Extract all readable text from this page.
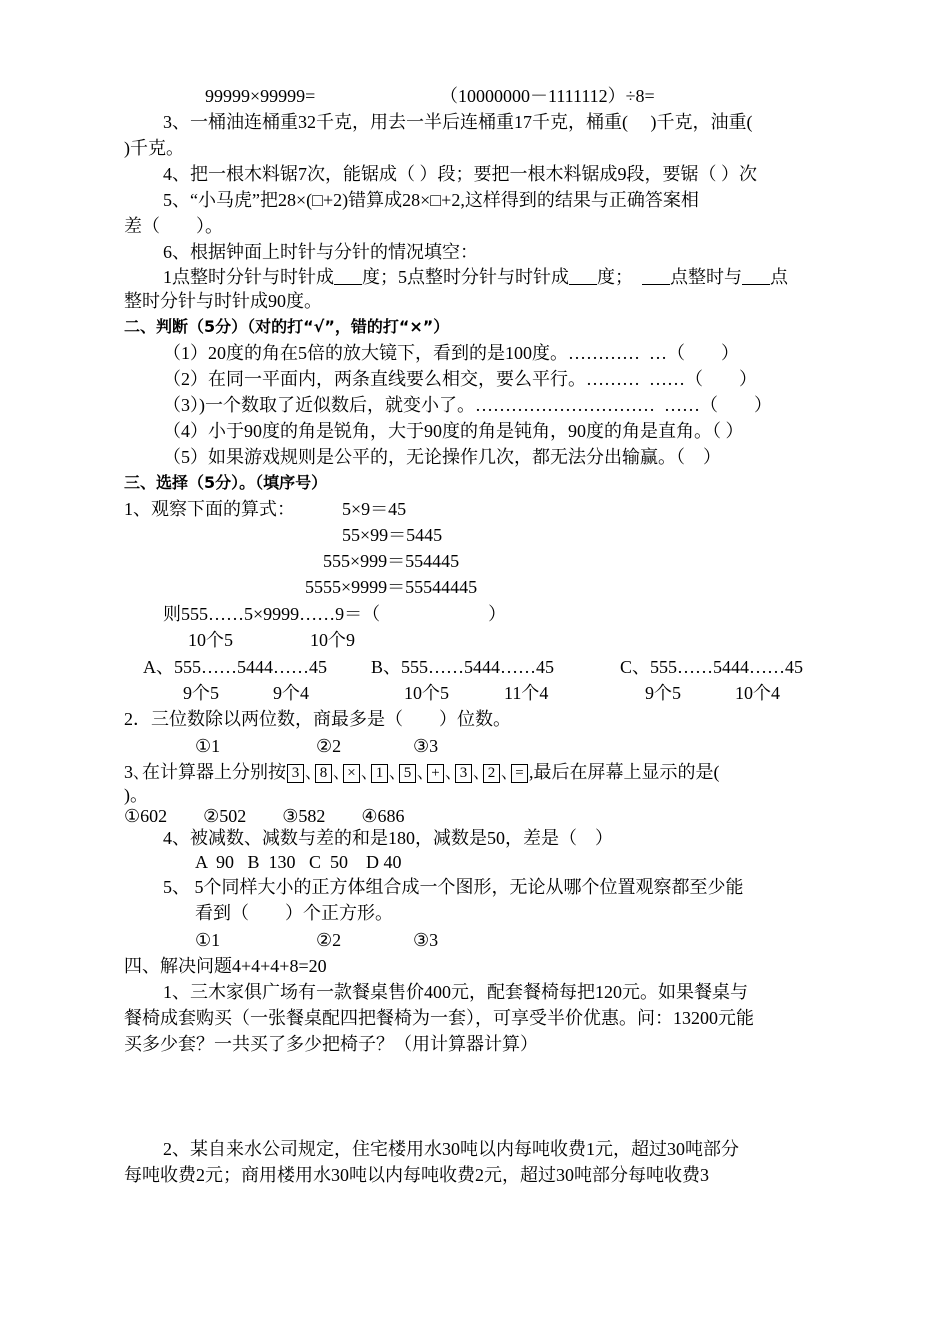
99999×99999=	（10000000－1111112）÷8=
3、一桶油连桶重32千克，用去一半后连桶重17千克，桶重(　 )千克，油重(
)千克。
4、把一根木料锯7次，能锯成（ ）段；要把一根木料锯成9段，要锯（ ）次
5、“小马虎”把28×(□+2)错算成28×□+2,这样得到的结果与正确答案相
差（　　）。
6、根据钟面上时针与分针的情况填空：
1点整时分针与时针成 度；5点整时分针与时针成 度； 点整时与 点
整时分针与时针成90度。
二、判断（5分）（对的打“√”，错的打“×”）
（1）20度的角在5倍的放大镜下，看到的是100度。…………  …（　　）
（2）在同一平面内，两条直线要么相交，要么平行。………  ……（　　）
（3）)一个数取了近似数后，就变小了。…………………………  ……（　　）
（4）小于90度的角是锐角，大于90度的角是钝角，90度的角是直角。（ ）
（5）如果游戏规则是公平的，无论操作几次，都无法分出输赢。（　）
三、选择（5分）。（填序号）
1、观察下面的算式：	5×9＝45
55×99＝5445
555×999＝554445
5555×9999＝55544445
则555……5×9999……9＝（　　　　　　）
10个5	10个9
A、555……5444……45 B、555……5444……45	C、555……5444……45
9个5	9个4	10个5	11个4	9个5	10个4
2．三位数除以两位数，商最多是（　　）位数。
①1	②2	③3
3､在计算器上分别按 3 ､ 8 ､ × ､ 1 ､ 5 ､ + ､ 3 ､ 2 ､ = ,最后在屏幕上显示的是(
)。
①602　　②502　　③582　　④686
4、被减数、减数与差的和是180，减数是50，差是（　）
A  90   B  130   C  50    D 40
5、 5个同样大小的正方体组合成一个图形，无论从哪个位置观察都至少能
看到（　　）个正方形。
①1	②2	③3
四、解决问题4+4+4+8=20
1、三木家俱广场有一款餐桌售价400元，配套餐椅每把120元。如果餐桌与
餐椅成套购买（一张餐桌配四把餐椅为一套），可享受半价优惠。问：13200元能
买多少套？一共买了多少把椅子？（用计算器计算）
2、某自来水公司规定，住宅楼用水30吨以内每吨收费1元，超过30吨部分
每吨收费2元；商用楼用水30吨以内每吨收费2元，超过30吨部分每吨收费3
